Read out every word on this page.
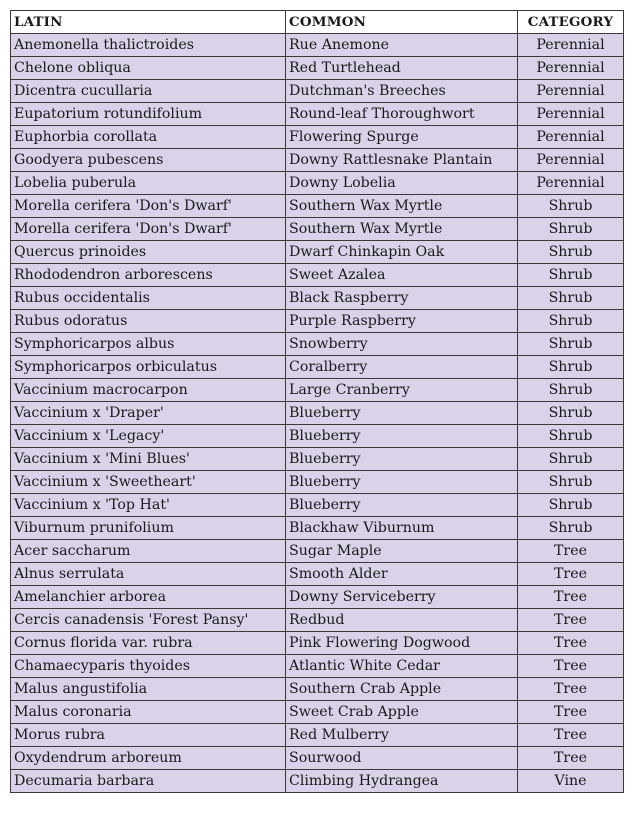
LATIN	COMMON	CATEGORY
Anemonella thalictroides	Rue Anemone	Perennial
Chelone obliqua	Red Turtlehead	Perennial
Dicentra cucullaria	Dutchman's Breeches	Perennial
Eupatorium rotundifolium	Round-leaf Thoroughwort	Perennial
Euphorbia corollata	Flowering Spurge	Perennial
Goodyera pubescens	Downy Rattlesnake Plantain	Perennial
Lobelia puberula	Downy Lobelia	Perennial
Morella cerifera 'Don's Dwarf'	Southern Wax Myrtle	Shrub
Morella cerifera 'Don's Dwarf'	Southern Wax Myrtle	Shrub
Quercus prinoides	Dwarf Chinkapin Oak	Shrub
Rhododendron arborescens	Sweet Azalea	Shrub
Rubus occidentalis	Black Raspberry	Shrub
Rubus odoratus	Purple Raspberry	Shrub
Symphoricarpos albus	Snowberry	Shrub
Symphoricarpos orbiculatus	Coralberry	Shrub
Vaccinium macrocarpon	Large Cranberry	Shrub
Vaccinium x 'Draper'	Blueberry	Shrub
Vaccinium x 'Legacy'	Blueberry	Shrub
Vaccinium x 'Mini Blues'	Blueberry	Shrub
Vaccinium x 'Sweetheart'	Blueberry	Shrub
Vaccinium x 'Top Hat'	Blueberry	Shrub
Viburnum prunifolium	Blackhaw Viburnum	Shrub
Acer saccharum	Sugar Maple	Tree
Alnus serrulata	Smooth Alder	Tree
Amelanchier arborea	Downy Serviceberry	Tree
Cercis canadensis 'Forest Pansy'	Redbud	Tree
Cornus florida var. rubra	Pink Flowering Dogwood	Tree
Chamaecyparis thyoides	Atlantic White Cedar	Tree
Malus angustifolia	Southern Crab Apple	Tree
Malus coronaria	Sweet Crab Apple	Tree
Morus rubra	Red Mulberry	Tree
Oxydendrum arboreum	Sourwood	Tree
Decumaria barbara	Climbing Hydrangea	Vine
